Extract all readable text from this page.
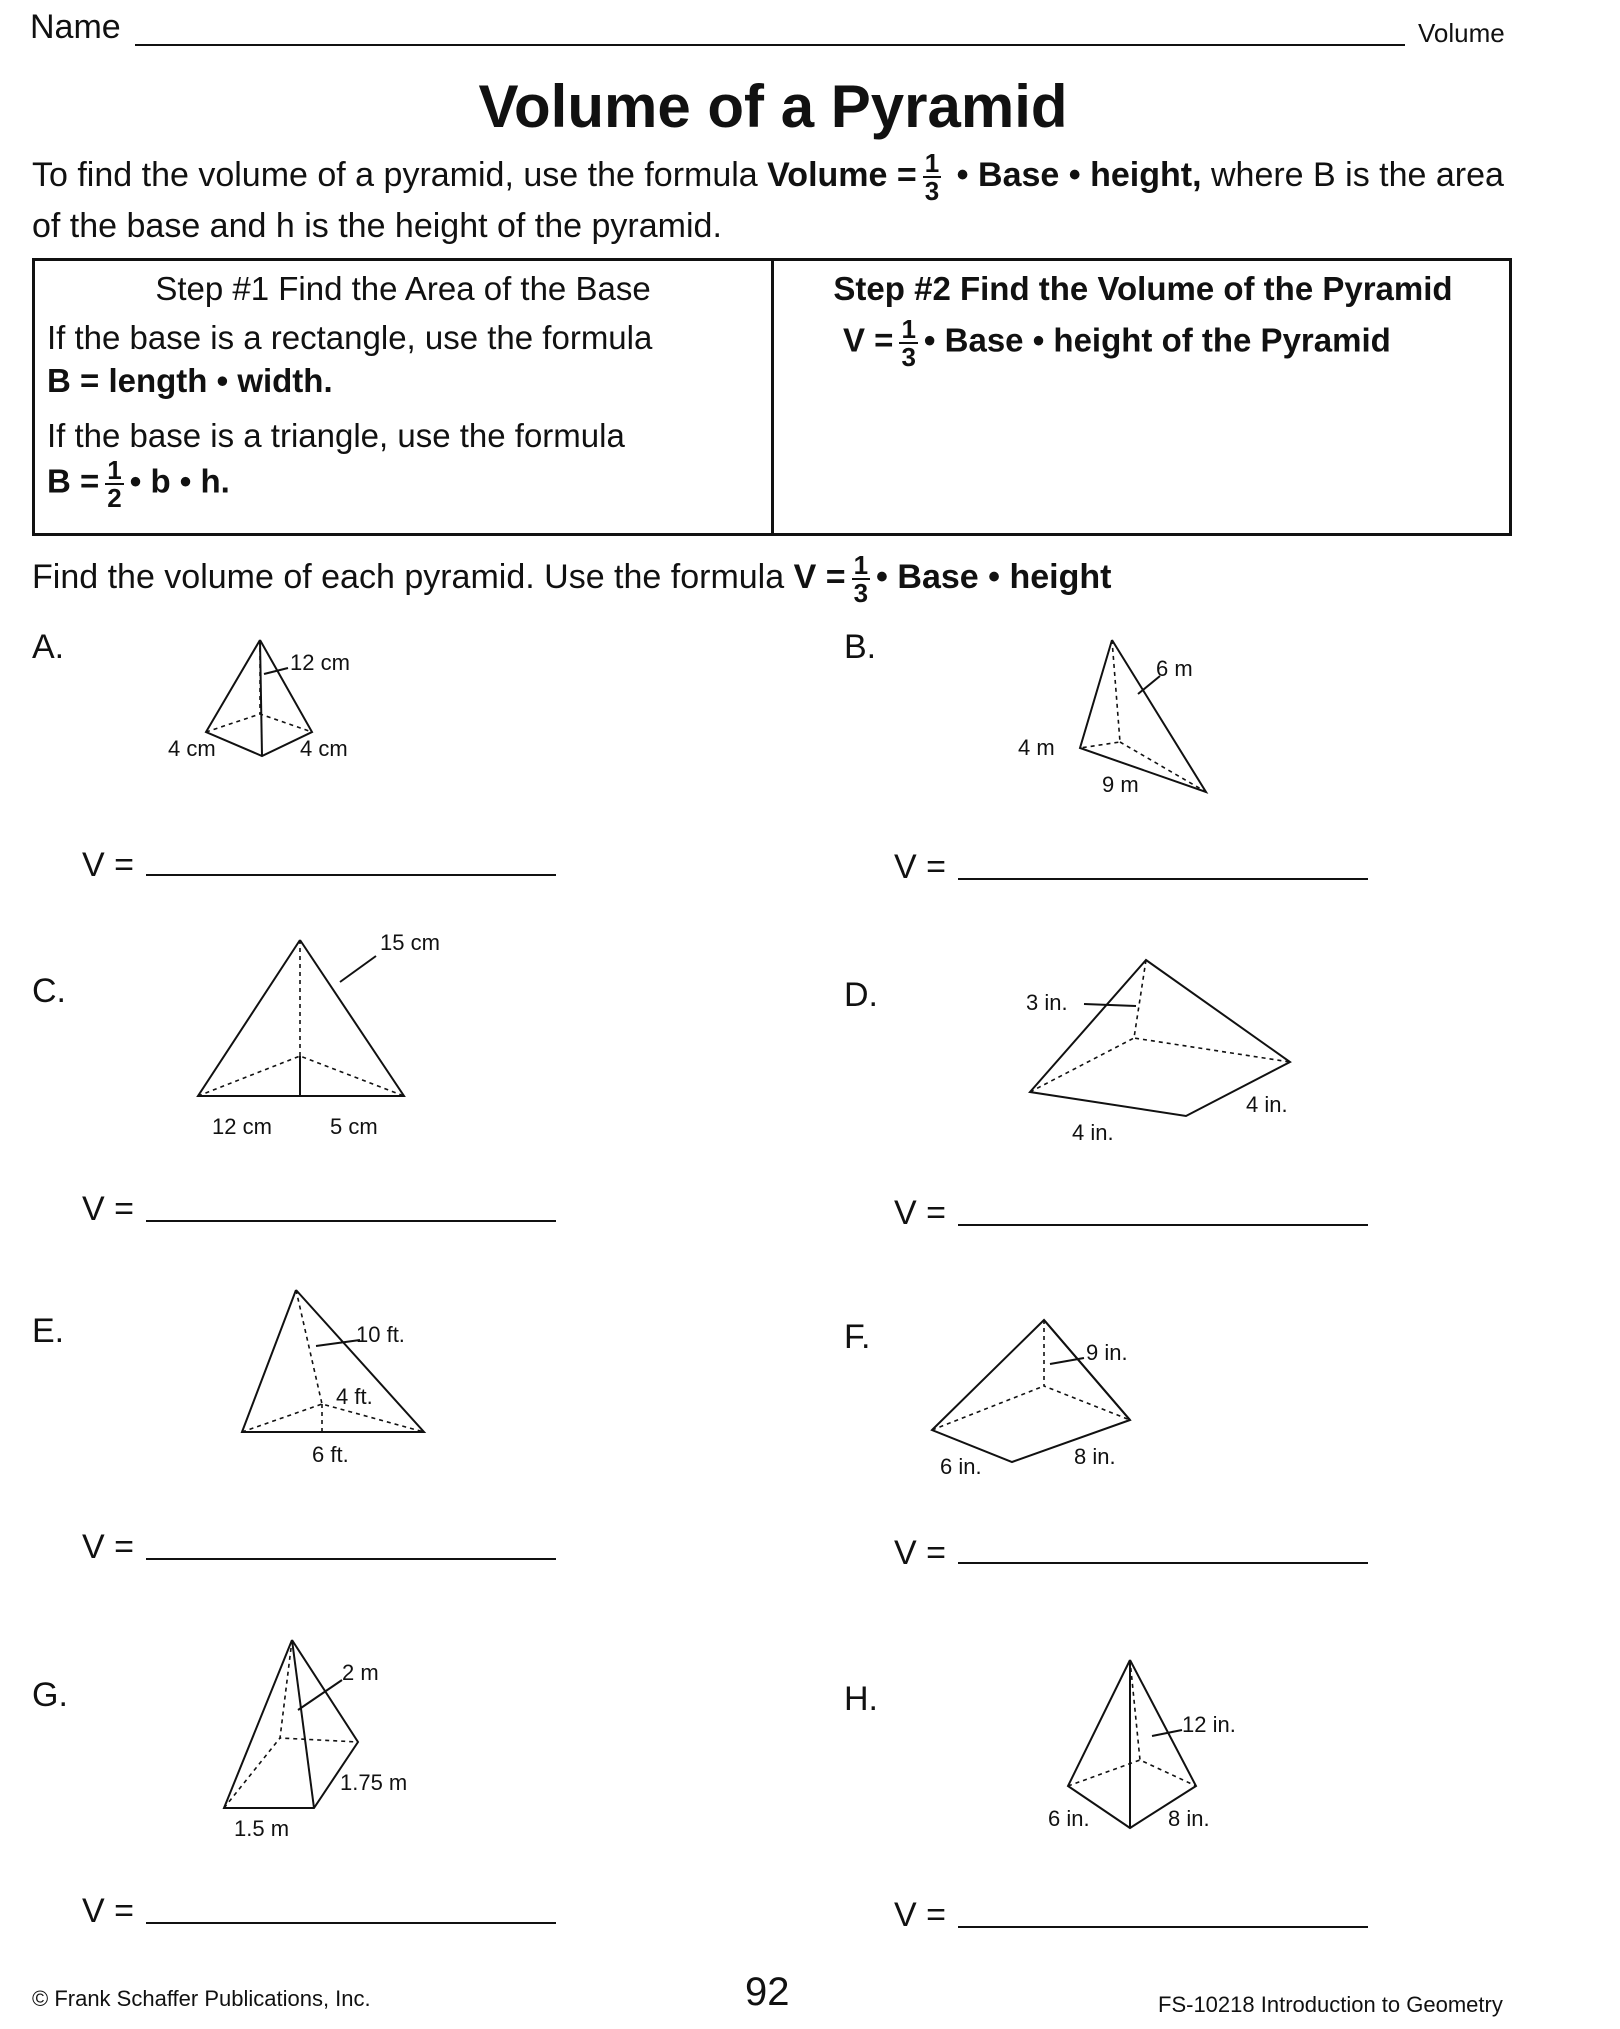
Name	Volume
Volume of a Pyramid
To find the volume of a pyramid, use the formula Volume = $\frac{1}{3}$ • Base • height, where B is the area of the base and h is the height of the pyramid.
Step #1 Find the Area of the Base

If the base is a rectangle, use the formula
B = length • width.

If the base is a triangle, use the formula
$B = \frac{1}{2}$ • b • h.

Step #2 Find the Volume of the Pyramid
$V = \frac{1}{3}$ • Base • height of the Pyramid
Find the volume of each pyramid. Use the formula $V = \frac{1}{3}$ • Base • height
A.	B.
C.	D.
E.	F.
G.	H.
V =	V =
V =	V =
V =	V =
V =	V =
12 cm
4 cm	4 cm
6 m
4 m
9 m
15 cm
12 cm	5 cm
3 in.
4 in.
4 in.
10 ft.
4 ft.
6 ft.
9 in.
6 in.	8 in.
2 m
1.75 m
1.5 m
12 in.
6 in.	8 in.
© Frank Schaffer Publications, Inc.	92	FS-10218 Introduction to Geometry
